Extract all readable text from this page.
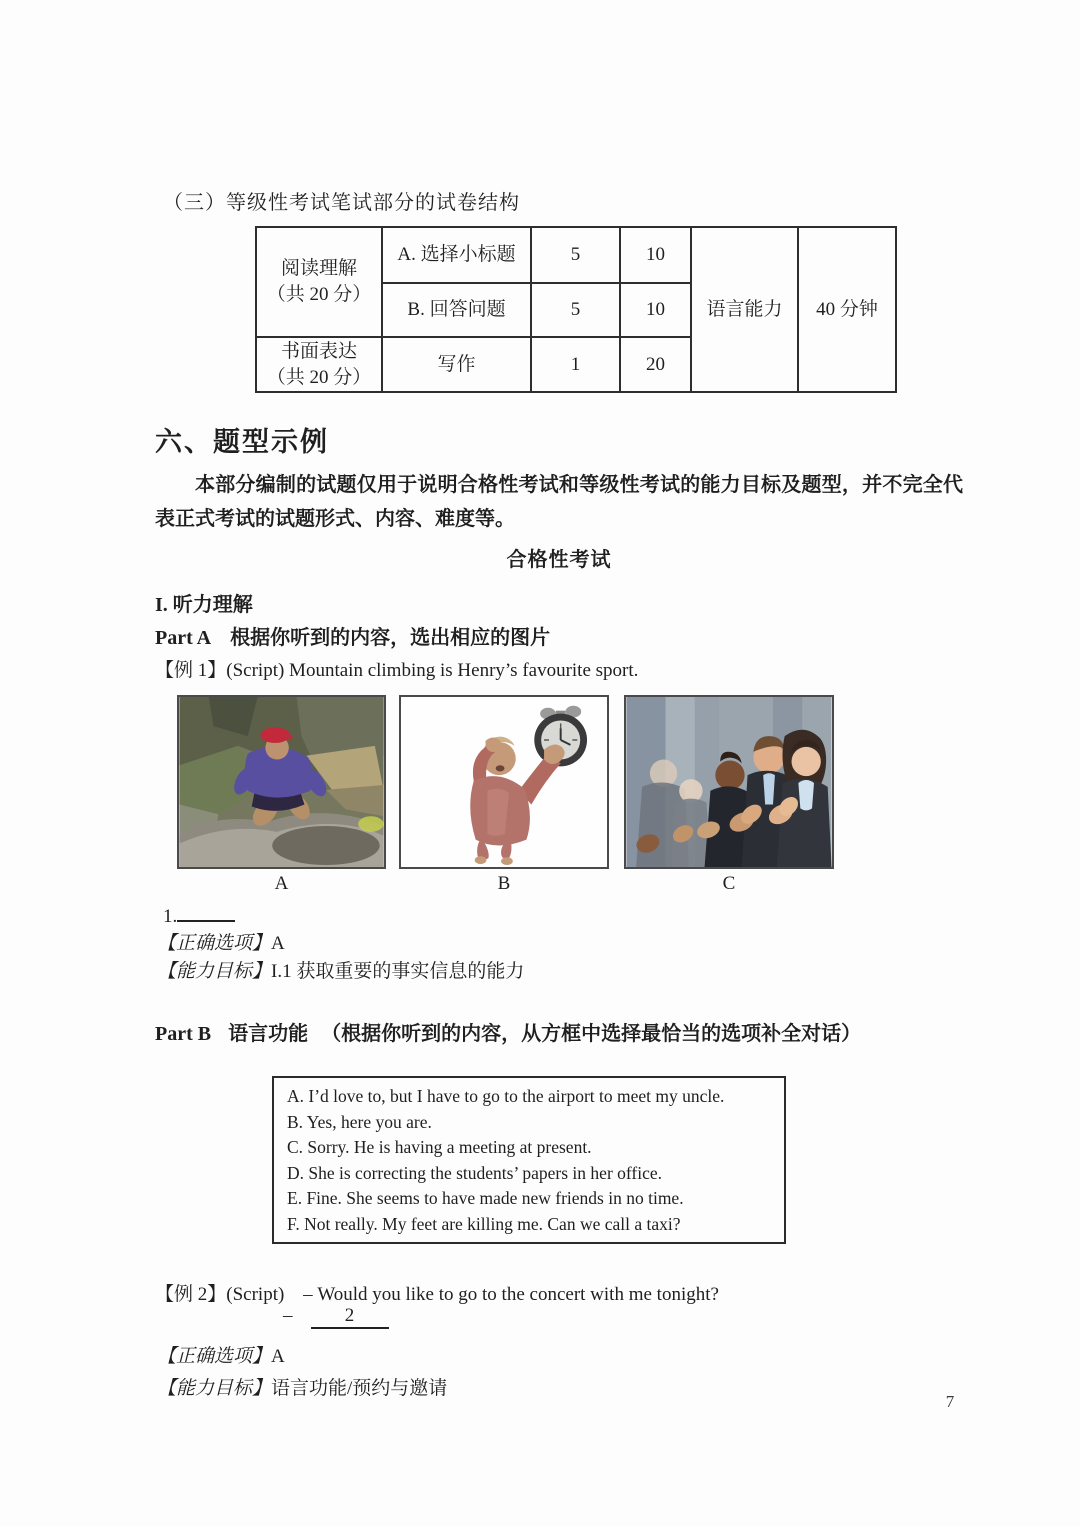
（三）等级性考试笔试部分的试卷结构
阅读理解
（共 20 分）	A. 选择小标题	5	10	语言能力	40 分钟
	B. 回答问题	5	10		
书面表达
（共 20 分）	写作	1	20		
六、题型示例
本部分编制的试题仅用于说明合格性考试和等级性考试的能力目标及题型，并不完全代表正式考试的试题形式、内容、难度等。
合格性考试
I. 听力理解
Part A 根据你听到的内容，选出相应的图片
【例 1】(Script) Mountain climbing is Henry’s favourite sport.
A	B	C
1.
【正确选项】A
【能力目标】I.1 获取重要的事实信息的能力
Part B 语言功能 （根据你听到的内容，从方框中选择最恰当的选项补全对话）
A. I’d love to, but I have to go to the airport to meet my uncle.
B. Yes, here you are.
C. Sorry. He is having a meeting at present.
D. She is correcting the students’ papers in her office.
E. Fine. She seems to have made new friends in no time.
F. Not really. My feet are killing me. Can we call a taxi?
【例 2】(Script) – Would you like to go to the concert with me tonight?
–	2
【正确选项】A
【能力目标】语言功能/预约与邀请
7
